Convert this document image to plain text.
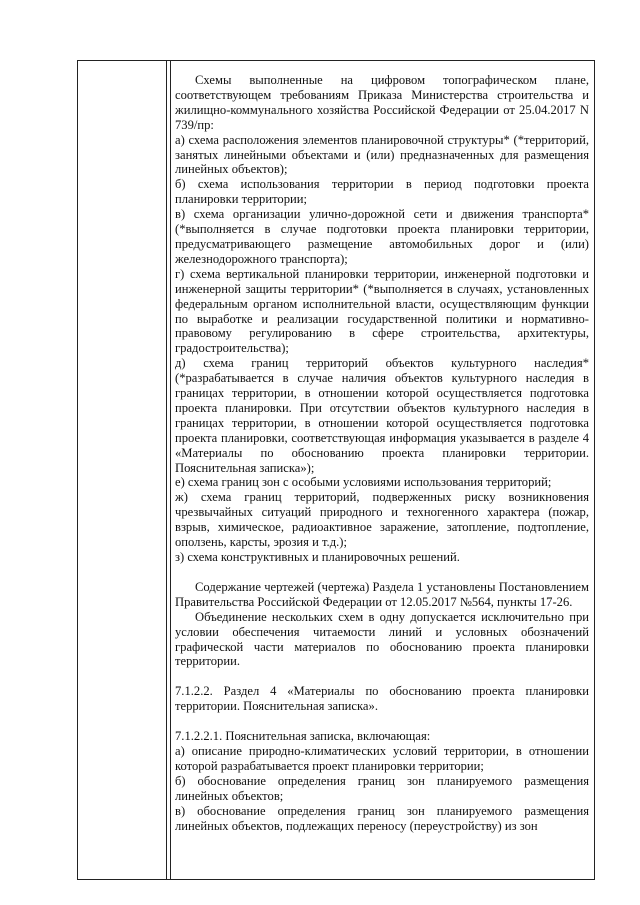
Схемы выполненные на цифровом топографическом плане, соответствующем требованиям Приказа Министерства строительства и жилищно-коммунального хозяйства Российской Федерации от 25.04.2017 N 739/пр:

а) схема расположения элементов планировочной структуры* (*территорий, занятых линейными объектами и (или) предназначенных для размещения линейных объектов);

б) схема использования территории в период подготовки проекта планировки территории;

в) схема организации улично-дорожной сети и движения транспорта* (*выполняется в случае подготовки проекта планировки территории, предусматривающего размещение автомобильных дорог и (или) железнодорожного транспорта);

г) схема вертикальной планировки территории, инженерной подготовки и инженерной защиты территории* (*выполняется в случаях, установленных федеральным органом исполнительной власти, осуществляющим функции по выработке и реализации государственной политики и нормативно-правовому регулированию в сфере строительства, архитектуры, градостроительства);

д) схема границ территорий объектов культурного наследия* (*разрабатывается в случае наличия объектов культурного наследия в границах территории, в отношении которой осуществляется подготовка проекта планировки. При отсутствии объектов культурного наследия в границах территории, в отношении которой осуществляется подготовка проекта планировки, соответствующая информация указывается в разделе 4 «Материалы по обоснованию проекта планировки территории. Пояснительная записка»);

е) схема границ зон с особыми условиями использования территорий;

ж) схема границ территорий, подверженных риску возникновения чрезвычайных ситуаций природного и техногенного характера (пожар, взрыв, химическое, радиоактивное заражение, затопление, подтопление, оползень, карсты, эрозия и т.д.);

з) схема конструктивных и планировочных решений.

Содержание чертежей (чертежа) Раздела 1 установлены Постановлением Правительства Российской Федерации от 12.05.2017 №564, пункты 17-26.

Объединение нескольких схем в одну допускается исключительно при условии обеспечения читаемости линий и условных обозначений графической части материалов по обоснованию проекта планировки территории.

7.1.2.2. Раздел 4 «Материалы по обоснованию проекта планировки территории. Пояснительная записка».

7.1.2.2.1. Пояснительная записка, включающая:

а) описание природно-климатических условий территории, в отношении которой разрабатывается проект планировки территории;

б) обоснование определения границ зон планируемого размещения линейных объектов;

в) обоснование определения границ зон планируемого размещения линейных объектов, подлежащих переносу (переустройству) из зон
